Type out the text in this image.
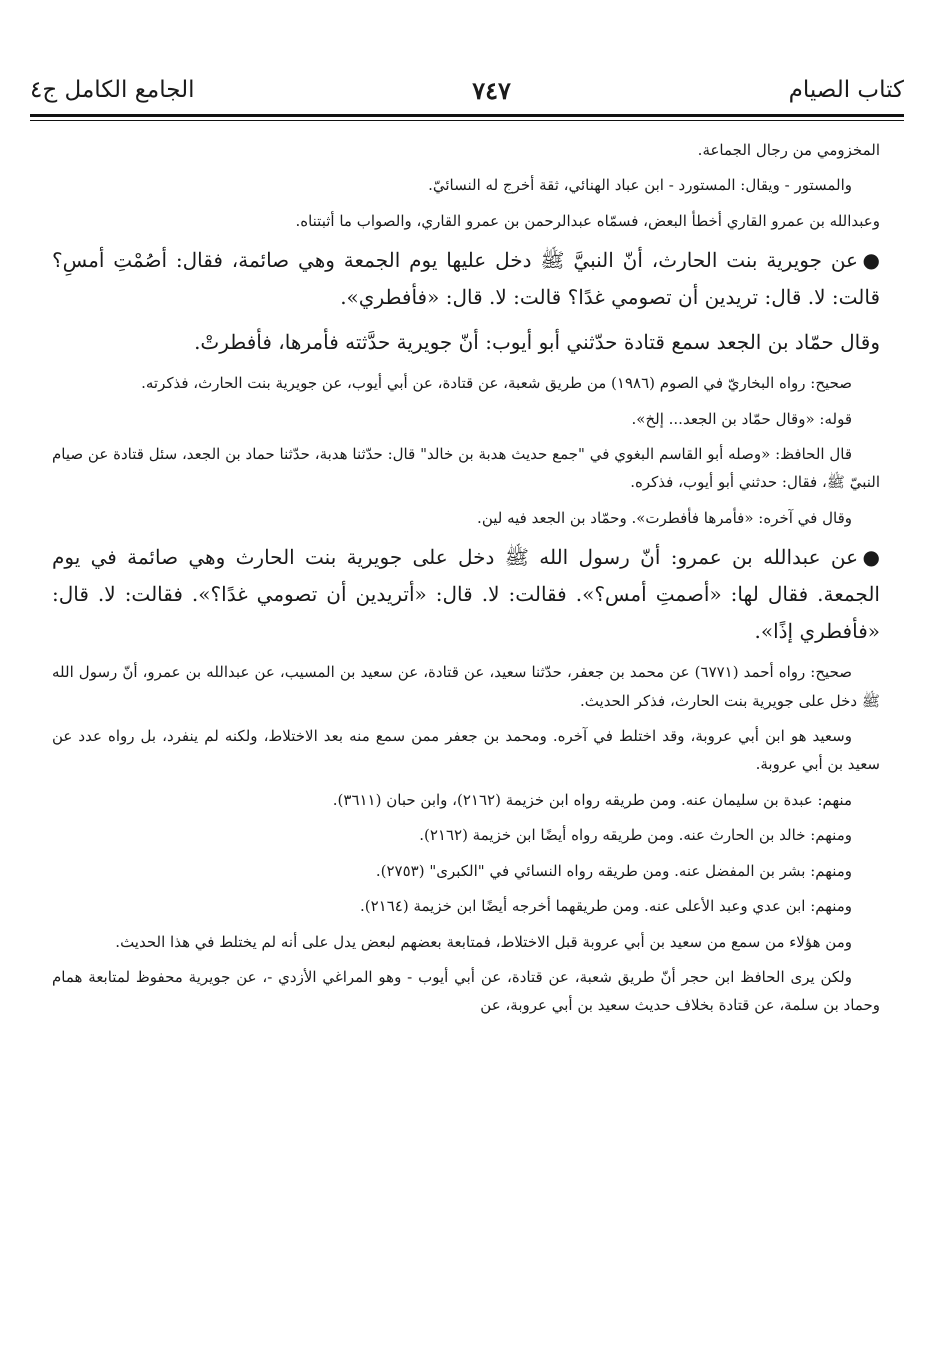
كتاب الصيام
٧٤٧
الجامع الكامل ج٤

المخزومي من رجال الجماعة.

والمستور - ويقال: المستورد - ابن عباد الهنائي، ثقة أخرج له النسائيّ.

وعبدالله بن عمرو القاري أخطأ البعض، فسمّاه عبدالرحمن بن عمرو القاري، والصواب ما أثبتناه.

●عن جويرية بنت الحارث، أنّ النبيَّ ﷺ دخل عليها يوم الجمعة وهي صائمة، فقال: أصُمْتِ أمسِ؟ قالت: لا. قال: تريدين أن تصومي غدًا؟ قالت: لا. قال: «فأفطري».

وقال حمّاد بن الجعد سمع قتادة حدّثني أبو أيوب: أنّ جويرية حدَّثته فأمرها، فأفطرتْ.

صحيح: رواه البخاريّ في الصوم (١٩٨٦) من طريق شعبة، عن قتادة، عن أبي أيوب، عن جويرية بنت الحارث، فذكرته.

قوله: «وقال حمّاد بن الجعد... إلخ».

قال الحافظ: «وصله أبو القاسم البغوي في "جمع حديث هدبة بن خالد" قال: حدّثنا هدبة، حدّثنا حماد بن الجعد، سئل قتادة عن صيام النبيّ ﷺ، فقال: حدثني أبو أيوب، فذكره.

وقال في آخره: «فأمرها فأفطرت». وحمّاد بن الجعد فيه لين.

●عن عبدالله بن عمرو: أنّ رسول الله ﷺ دخل على جويرية بنت الحارث وهي صائمة في يوم الجمعة. فقال لها: «أصمتِ أمس؟». فقالت: لا. قال: «أتريدين أن تصومي غدًا؟». فقالت: لا. قال: «فأفطري إذًا».

صحيح: رواه أحمد (٦٧٧١) عن محمد بن جعفر، حدّثنا سعيد، عن قتادة، عن سعيد بن المسيب، عن عبدالله بن عمرو، أنّ رسول الله ﷺ دخل على جويرية بنت الحارث، فذكر الحديث.

وسعيد هو ابن أبي عروبة، وقد اختلط في آخره. ومحمد بن جعفر ممن سمع منه بعد الاختلاط، ولكنه لم ينفرد، بل رواه عدد عن سعيد بن أبي عروبة.

منهم: عبدة بن سليمان عنه. ومن طريقه رواه ابن خزيمة (٢١٦٢)، وابن حبان (٣٦١١).

ومنهم: خالد بن الحارث عنه. ومن طريقه رواه أيضًا ابن خزيمة (٢١٦٢).

ومنهم: بشر بن المفضل عنه. ومن طريقه رواه النسائي في "الكبرى" (٢٧٥٣).

ومنهم: ابن عدي وعبد الأعلى عنه. ومن طريقهما أخرجه أيضًا ابن خزيمة (٢١٦٤).

ومن هؤلاء من سمع من سعيد بن أبي عروبة قبل الاختلاط، فمتابعة بعضهم لبعض يدل على أنه لم يختلط في هذا الحديث.

ولكن يرى الحافظ ابن حجر أنّ طريق شعبة، عن قتادة، عن أبي أيوب - وهو المراغي الأزدي -، عن جويرية محفوظ لمتابعة همام وحماد بن سلمة، عن قتادة بخلاف حديث سعيد بن أبي عروبة، عن
